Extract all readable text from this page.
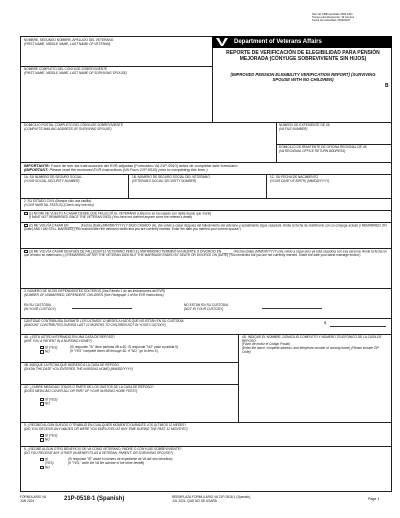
Núm de OMB Aprobado 2900-0101
Tiempo para Responder: 19 minutos
Fecha de Caducidad: 06/30/2027
NOMBRE, SEGUNDO NOMBRE, APELLIDO DEL VETERANO
(FIRST NAME, MIDDLE NAME, LAST NAME OF VETERAN)
NOMBRE COMPLETO DEL CÓNYUGE SOBREVIVIENTE
(FIRST NAME, MIDDLE NAME, LAST NAME OF SURVIVING SPOUSE)
Department of Veterans Affairs
REPORTE DE VERIFICACIÓN DE ELEGIBILIDAD PARA PENSIÓN MEJORADA (CÓNYUGE SOBREVIVIENTE SIN HIJOS)
(IMPROVED PENSION ELIGIBILITY VERIFICATION REPORT) (SURVIVING SPOUSE WITH NO CHILDREN)
B
DOMICILIO POSTAL COMPLETO DEL CÓNYUGE SOBREVIVIENTE
(COMPLETE MAILING ADDRESS OF SURVIVING SPOUSE)
NÚMERO DE EXPEDIENTE DE VA
(VA FILE NUMBER)
DOMICILIO DE REMITENTE DE OFICINA REGIONAL DE VA
(VA REGIONAL OFFICE RETURN ADDRESS)
IMPORTANTE: Favor de leer las instrucciones del EVR adjuntas (Formulario VA 21P-0510) antes de completar este formulario
(IMPORTANT: Please read the enclosed EVR Instructions (VA Form 21P-0510) prior to completing this form.)
1A. SU NÚMERO DE SEGURO SOCIAL
(YOUR SOCIAL SECURITY NUMBER)
1B. NÚMERO DE SEGURO SOCIAL DEL VETERANO
(VETERAN'S SOCIAL SECURITY NUMBER)
1C. SU FECHA DE NACIMIENTO
(YOUR DATE OF BIRTH) (MM/DD/YYYY)
2. SU ESTADO CIVIL (Marque sólo una casilla)
(YOUR MARITAL STATUS) (Check only one box)
(1) NO ME HE VUELTO A CASAR DESDE QUE FALLECIÓ EL VETERANO (Usted no se ha casado con nadie desde que murió)
(I HAVE NOT REMARRIED SINCE THE VETERAN DIED) (You have not married anyone since the veteran's death)
(2) ME VOLVÍ A CASAR EN ______ (Fecha) (Date) (MM/DD/YYYY) Y SIGO CASADO (A). (Se volvió a casar después del fallecimiento del veterano y actualmente sigue casado/a. Anote la fecha de matrimonio con su cónyuge actual) (I REMARRIED ON (Date) AND I AM STILL MARRIED) (You married after the veteran's death and you are currently married. Enter the date you married your current spouse.)
(3) ME VOLVÍ A CASAR DESPUÉS DE FALLECER EL VETERANO PERO EL MATRIMONIO TERMINÓ EN MUERTE O DIVORCIO EN ______ (Fecha) (Date) (MM/DD/YYYY) (Se volvió a casar pero ya está casado/a con esa persona. Anote la fecha en que terminó su matrimonio.) (I REMARRIED AFTER THE VETERAN DIED BUT THE MARRIAGE ENDED BY DEATH OR DIVORCE ON (DATE) (You remarried but you are not currently married. Share the date your latest marriage ended.)
3. NÚMERO DE HIJOS DEPENDIENTES SOLTEROS (Vea Párrafo 1 de las instrucciones del EVR)
(NUMBER OF UNMARRIED, DEPENDENT CHILDREN (See Paragraph 1 of the EVR Instructions)
EN SU CUSTODIA
(IN YOUR CUSTODY)
NO ESTÁN EN SU CUSTODIA
(NOT IN YOUR CUSTODY)
CANTIDAD CONTRIBUIDA DURANTE LOS ÚLTIMOS 12 MESES A HIJOS QUE NO ESTÁN EN SU CUSTODIA
(AMOUNT CONTRIBUTED DURING LAST 12 MONTHS TO CHILDREN NOT IN YOUR CUSTODY)	$
4A. ¿ESTÁ USTED INTERNADO EN UNA CASA DE REPOSO?
(ARE YOU A PATIENT IN A NURSING HOME?)
SÍ (YES)
NO
(Si responde "Sí" llene partidas 4B a 4D. Si responde "NO" pase a partida 5)
(If "YES" complete Items 4B through 4D. If "NO," go to Item 5.)
4B. INDIQUE LA FECHA QUE INGRESÓ A LA CASA DE REPOSO
(SHOW THE DATE YOU ENTERED THE NURSING HOME) (MM/DD/YYYY)
4C. ¿CUBRE MEDICAID TODOS O PARTE DE LOS GASTOS DE LA CASA DE REPOSO?
(DOES MEDICAID COVER ALL OR PART OF YOUR NURSING HOME FEES?)
SÍ (YES)
NO
4D. INDIQUE EL NOMBRE, DOMICILIO COMPLETO Y NÚMERO TELEFÓNICO DE LA CASA DE REPOSO
(Favor de incluir el Código Postal)
(Enter the name, complete address, and telephone number of nursing home) (Please include ZIP Code)
5. ¿RECIBIÓ ALGÚN SUELDO O TRABAJÓ EN CUALQUIER MOMENTO DURANTE LOS ÚLTIMOS 12 MESES?
(DID YOU RECEIVE ANY WAGES OR WERE YOU EMPLOYED AT ANY TIME DURING THE PAST 12 MONTHS?)
SÍ (YES)
NO
6. ¿RECIBE ALGÚN OTRO BENEFICIO DE VA COMO VETERANO, PADRE O CÓNYUGE SOBREVIVIENTE?
(DO YOU RECEIVE ANY OTHER VA BENEFITS AS A VETERAN, PARENT, OR SURVIVING SPOUSE?)
SÍ
(YES)
NO
(Si responde "SÍ" anote el número de expediente de VA del otro beneficio)
(If "YES," write the VA file number of the other benefit)
FORMULARIO VA
JUN 2024	21P-0518-1 (Spanish)	REEMPLAZA FORMULARIO VA 21P-0518-1 (Spanish),
JUL 2021, QUE NO SE USARÁ	Page 1
